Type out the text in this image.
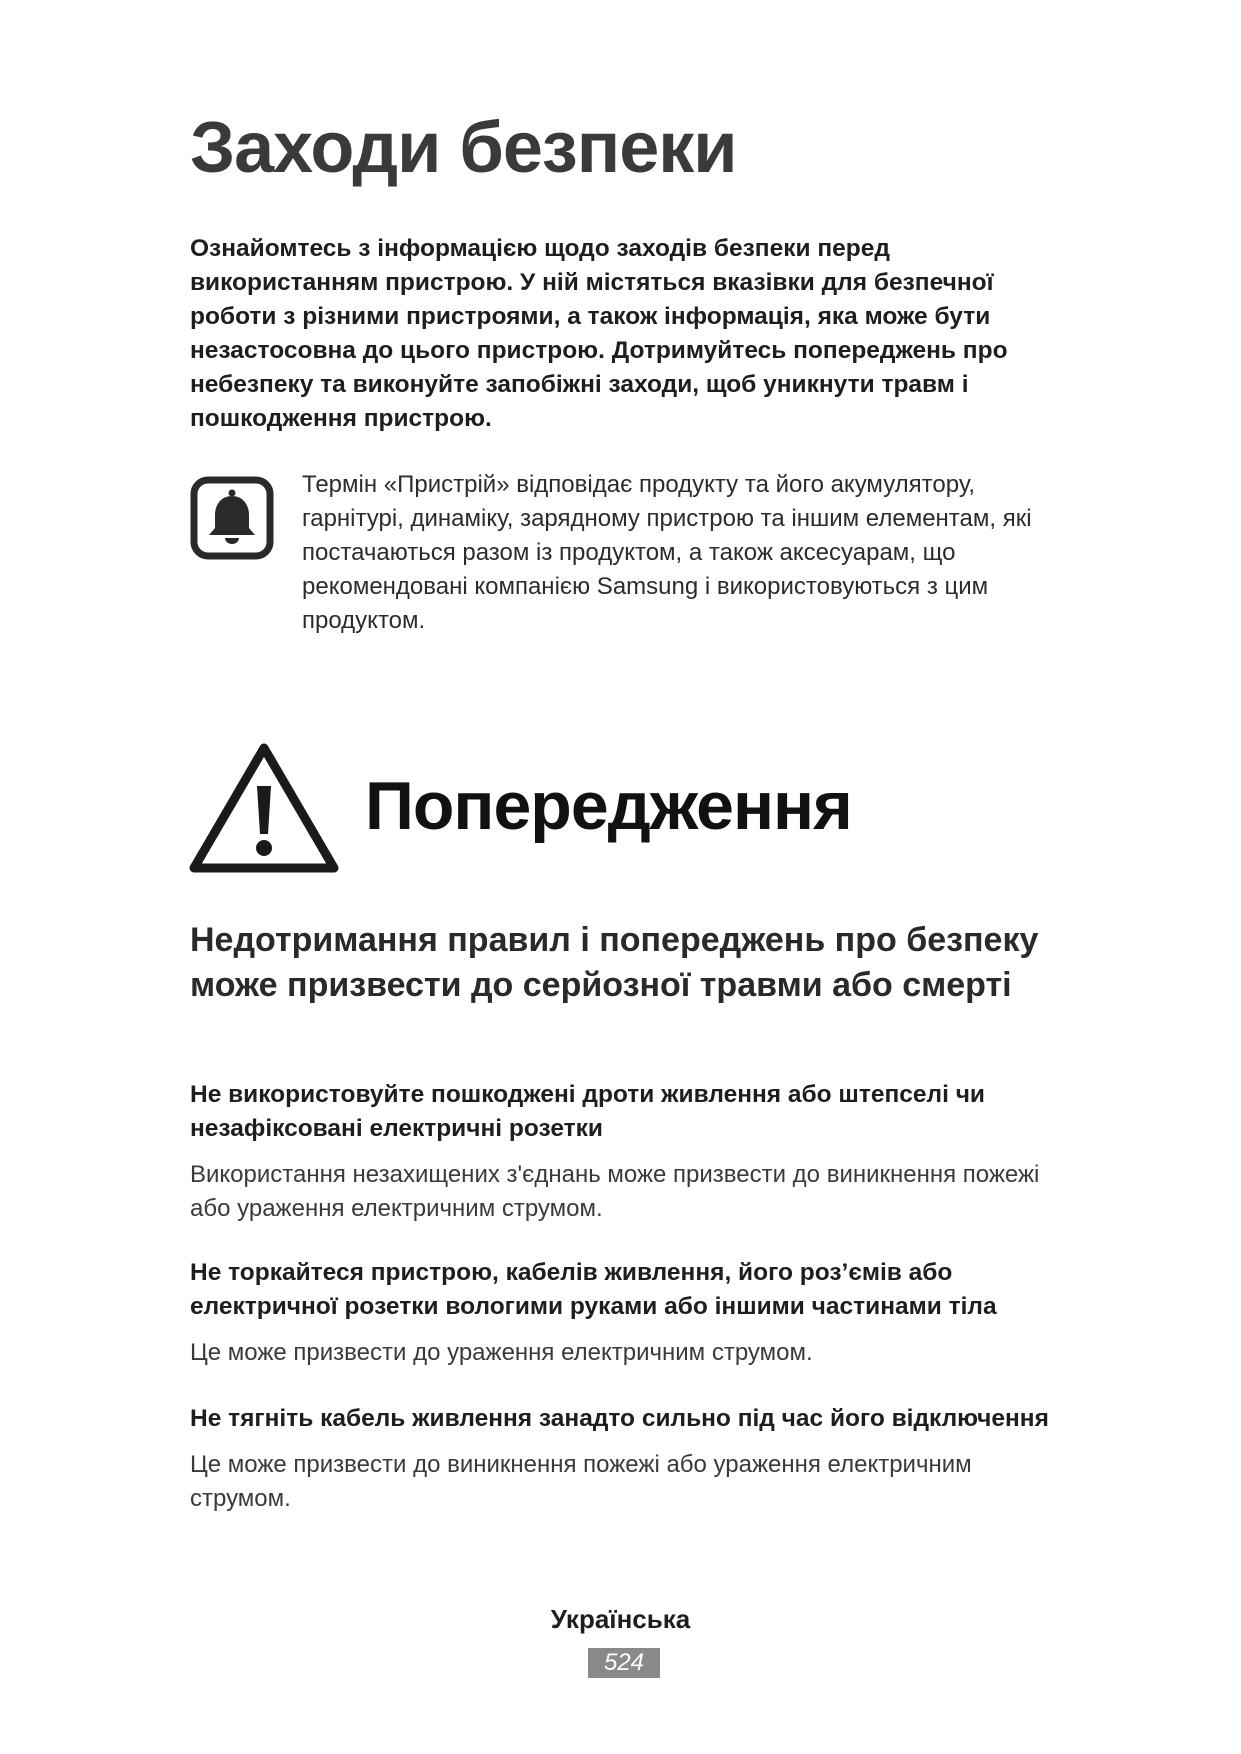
Заходи безпеки

Ознайомтесь з інформацією щодо заходів безпеки перед використанням пристрою. У ній містяться вказівки для безпечної роботи з різними пристроями, а також інформація, яка може бути незастосовна до цього пристрою. Дотримуйтесь попереджень про небезпеку та виконуйте запобіжні заходи, щоб уникнути травм і пошкодження пристрою.

Термін «Пристрій» відповідає продукту та його акумулятору, гарнітурі, динаміку, зарядному пристрою та іншим елементам, які постачаються разом із продуктом, а також аксесуарам, що рекомендовані компанією Samsung і використовуються з цим продуктом.

Попередження
Недотримання правил і попереджень про безпеку може призвести до серйозної травми або смерті
Не використовуйте пошкоджені дроти живлення або штепселі чи незафіксовані електричні розетки

Використання незахищених з'єднань може призвести до виникнення пожежі або ураження електричним струмом.

Не торкайтеся пристрою, кабелів живлення, його роз’ємів або електричної розетки вологими руками або іншими частинами тіла

Це може призвести до ураження електричним струмом.

Не тягніть кабель живлення занадто сильно під час його відключення

Це може призвести до виникнення пожежі або ураження електричним струмом.

Українська

524
